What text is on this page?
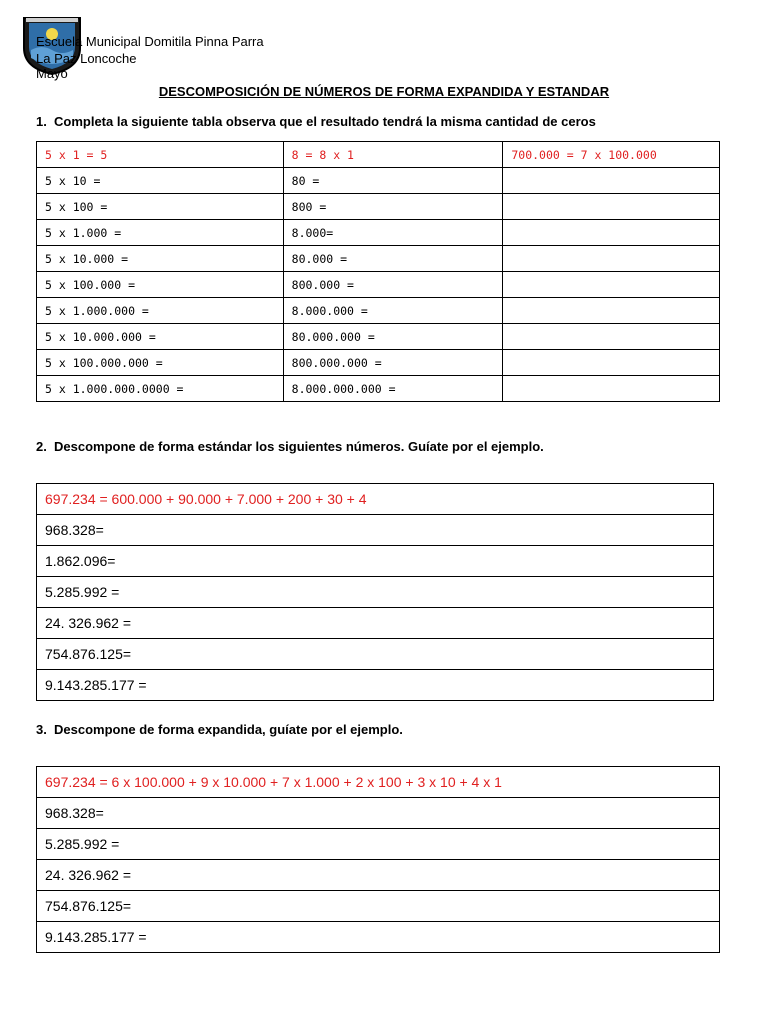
Escuela Municipal Domitila Pinna Parra
La Paz Loncoche
Mayo
DESCOMPOSICIÓN DE NÚMEROS DE FORMA EXPANDIDA Y ESTANDAR
1. Completa la siguiente tabla observa que el resultado tendrá la misma cantidad de ceros
5 x 1 = 5	8 = 8 x 1	700.000 = 7 x 100.000
5 x 10 =	80 =	
5 x 100 =	800 =	
5 x 1.000 =	8.000=	
5 x 10.000 =	80.000 =	
5 x 100.000 =	800.000 =	
5 x 1.000.000 =	8.000.000 =	
5 x 10.000.000 =	80.000.000 =	
5 x 100.000.000 =	800.000.000 =	
5 x 1.000.000.0000 =	8.000.000.000 =	
2. Descompone de forma estándar los siguientes números. Guíate por el ejemplo.
697.234 = 600.000 + 90.000 + 7.000 + 200 + 30 + 4
968.328=
1.862.096=
5.285.992 =
24. 326.962 =
754.876.125=
9.143.285.177 =
3. Descompone de forma expandida, guíate por el ejemplo.
697.234 = 6 x 100.000 + 9 x 10.000 + 7 x 1.000 + 2 x 100 + 3 x 10 + 4 x 1
968.328=
5.285.992 =
24. 326.962 =
754.876.125=
9.143.285.177 =
